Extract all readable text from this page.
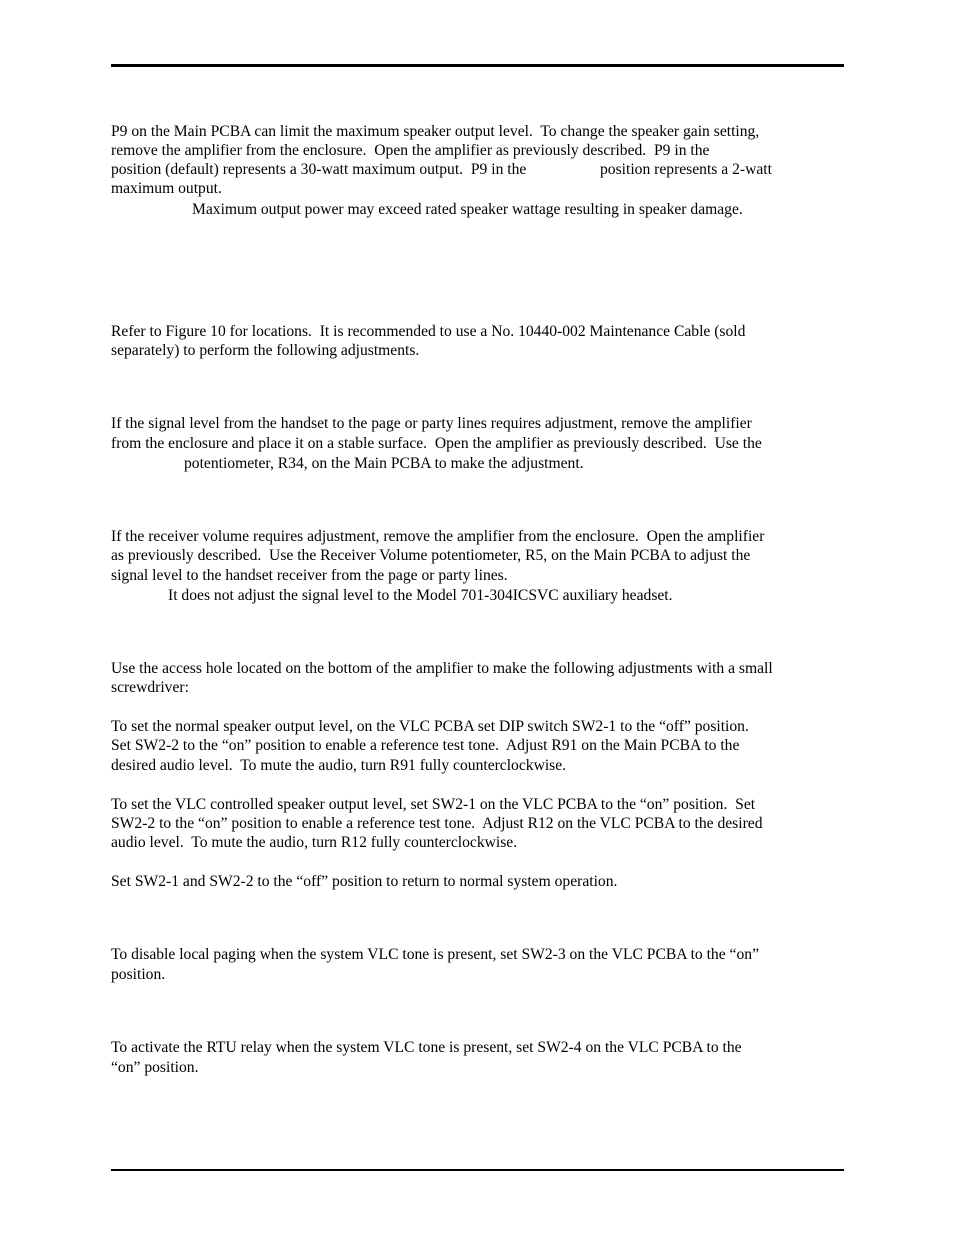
P9 on the Main PCBA can limit the maximum speaker output level.  To change the speaker gain setting,
remove the amplifier from the enclosure.  Open the amplifier as previously described.  P9 in the
position (default) represents a 30-watt maximum output.  P9 in the	position represents a 2-watt
maximum output.
Maximum output power may exceed rated speaker wattage resulting in speaker damage.
Refer to Figure 10 for locations.  It is recommended to use a No. 10440-002 Maintenance Cable (sold
separately) to perform the following adjustments.
If the signal level from the handset to the page or party lines requires adjustment, remove the amplifier
from the enclosure and place it on a stable surface.  Open the amplifier as previously described.  Use the
potentiometer, R34, on the Main PCBA to make the adjustment.
If the receiver volume requires adjustment, remove the amplifier from the enclosure.  Open the amplifier
as previously described.  Use the Receiver Volume potentiometer, R5, on the Main PCBA to adjust the
signal level to the handset receiver from the page or party lines.
It does not adjust the signal level to the Model 701-304ICSVC auxiliary headset.
Use the access hole located on the bottom of the amplifier to make the following adjustments with a small
screwdriver:
To set the normal speaker output level, on the VLC PCBA set DIP switch SW2-1 to the “off” position.
Set SW2-2 to the “on” position to enable a reference test tone.  Adjust R91 on the Main PCBA to the
desired audio level.  To mute the audio, turn R91 fully counterclockwise.
To set the VLC controlled speaker output level, set SW2-1 on the VLC PCBA to the “on” position.  Set
SW2-2 to the “on” position to enable a reference test tone.  Adjust R12 on the VLC PCBA to the desired
audio level.  To mute the audio, turn R12 fully counterclockwise.
Set SW2-1 and SW2-2 to the “off” position to return to normal system operation.
To disable local paging when the system VLC tone is present, set SW2-3 on the VLC PCBA to the “on”
position.
To activate the RTU relay when the system VLC tone is present, set SW2-4 on the VLC PCBA to the
“on” position.
